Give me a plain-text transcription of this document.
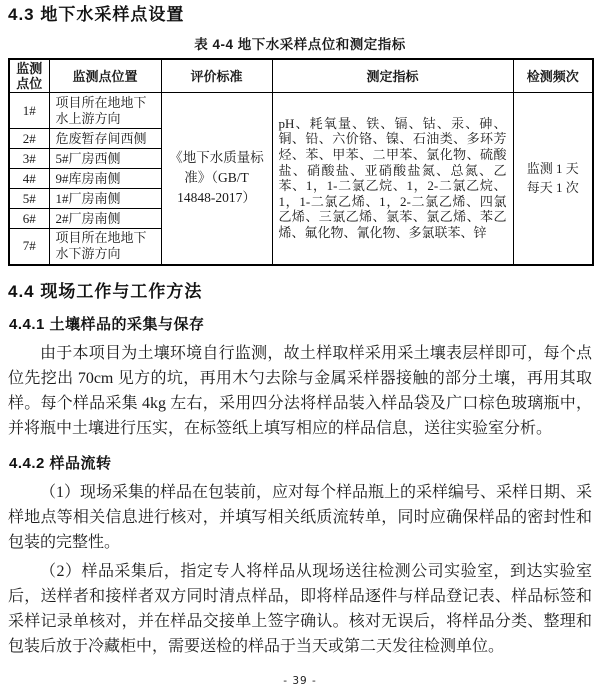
4.3 地下水采样点设置
表 4-4 地下水采样点位和测定指标
监测点位	监测点位置	评价标准	测定指标	检测频次
1#	项目所在地地下水上游方向	《地下水质量标准》（GB/T 14848-2017）	pH、耗氧量、铁、镉、钴、汞、砷、铜、铅、六价铬、镍、石油类、多环芳烃、苯、甲苯、二甲苯、氯化物、硫酸盐、硝酸盐、亚硝酸盐氮、总氮、乙苯、1，1-二氯乙烷、1，2-二氯乙烷、1，1-二氯乙烯、1，2-二氯乙烯、四氯乙烯、三氯乙烯、氯苯、氯乙烯、苯乙烯、氟化物、氰化物、多氯联苯、锌	监测 1 天
每天 1 次

2#	危废暂存间西侧			
3#	5#厂房西侧			
4#	9#库房南侧			
5#	1#厂房南侧			
6#	2#厂房南侧			
7#	项目所在地地下水下游方向			
4.4 现场工作与工作方法
4.4.1 土壤样品的采集与保存

由于本项目为土壤环境自行监测，故土样取样采用采土壤表层样即可，每个点位先挖出 70cm 见方的坑，再用木勺去除与金属采样器接触的部分土壤，再用其取样。每个样品采集 4kg 左右，采用四分法将样品装入样品袋及广口棕色玻璃瓶中，并将瓶中土壤进行压实，在标签纸上填写相应的样品信息，送往实验室分析。

4.4.2 样品流转

（1）现场采集的样品在包装前，应对每个样品瓶上的采样编号、采样日期、采样地点等相关信息进行核对，并填写相关纸质流转单，同时应确保样品的密封性和包装的完整性。

（2）样品采集后，指定专人将样品从现场送往检测公司实验室，到达实验室后，送样者和接样者双方同时清点样品，即将样品逐件与样品登记表、样品标签和采样记录单核对，并在样品交接单上签字确认。核对无误后，将样品分类、整理和包装后放于冷藏柜中，需要送检的样品于当天或第二天发往检测单位。

- 39 -
